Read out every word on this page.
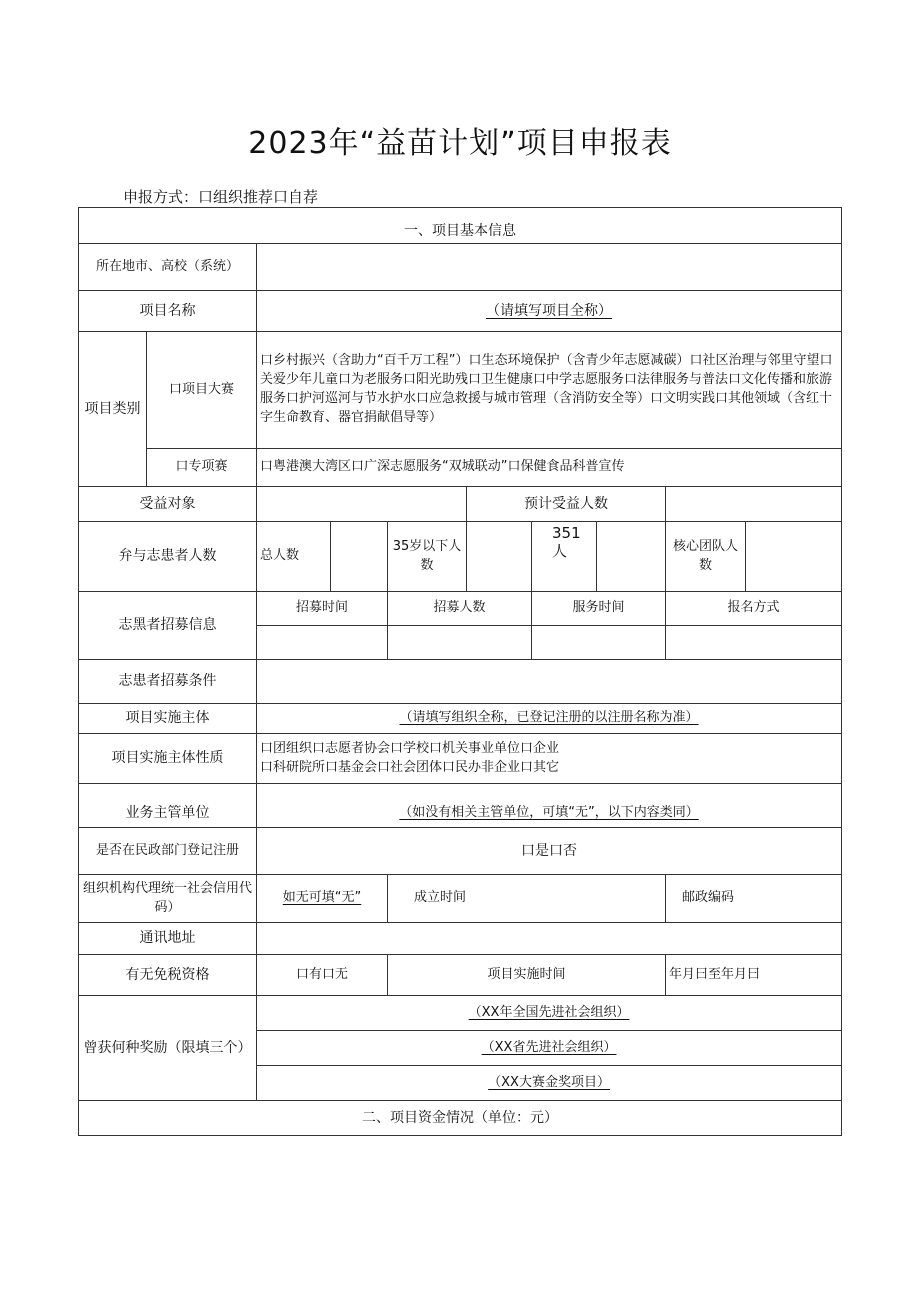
2023年“益苗计划”项目申报表
申报方式：口组织推荐口自荐
一、项目基本信息									
所在地市、高校（系统）									
项目名称		（请填写项目全称）							
项目类别	口项目大赛	口乡村振兴（含助力“百千万工程”）口生态环境保护（含青少年志愿减碳）口社区治理与邻里守望口关爱少年儿童口为老服务口阳光助残口卫生健康口中学志愿服务口法律服务与普法口文化传播和旅游服务口护河巡河与节水护水口应急救援与城市管理（含消防安全等）口文明实践口其他领域（含红十字生命教育、器官捐献倡导等）							
	口专项赛	口粤港澳大湾区口广深志愿服务“双城联动”口保健食品科普宣传							
受益对象					预计受益人数				
弁与志患者人数		总人数		35岁以下人数		351人		核心团队人数	
志黑者招募信息		招募时间		招募人数		服务时间		报名方式	

志患者招募条件									
项目实施主体		（请填写组织全称，已登记注册的以注册名称为准）							
项目实施主体性质		口团组织口志愿者协会口学校口机关事业单位口企业
口科研院所口基金会口社会团体口民办非企业口其它							

业务主管单位		（如没有相关主管单位，可填“无”，以下内容类同）							
是否在民政部门登记注册		口是口否							
组织机构代理统一社会信用代码）		如无可填“无”		成立时间				邮政编码	
通讯地址									
有无免税资格		口有口无		项目实施时间				年月曰至年月曰	
曾获何种奖励（限填三个）		（XX年全国先进社会组织）							
		（XX省先进社会组织）							
		（XX大赛金奖项目）							
二、项目资金情况（单位：元）									
